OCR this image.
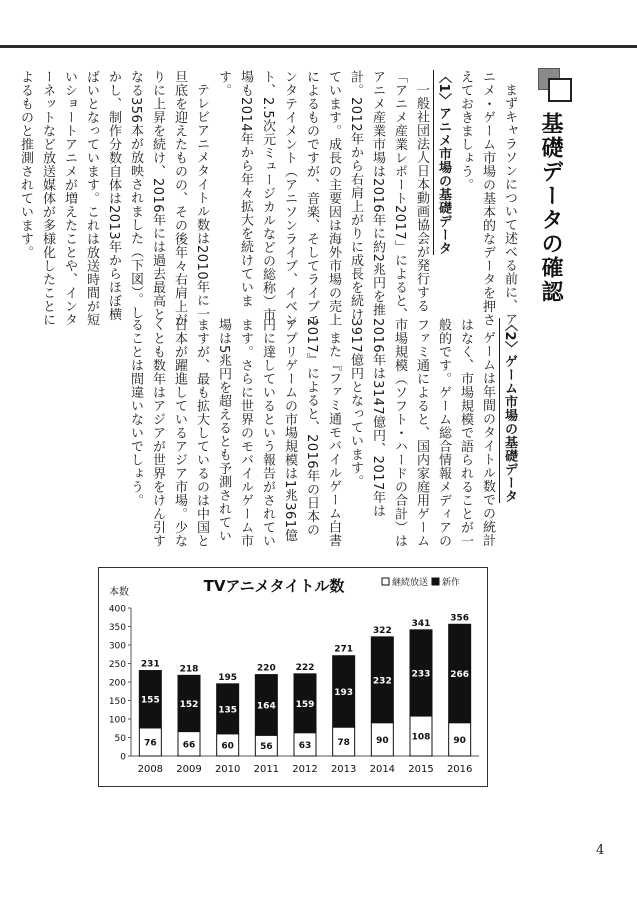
基礎データの確認

まずキャラソンについて述べる前に、アニメ・ゲーム市場の基本的なデータを押さえておきましょう。

〈1〉アニメ市場の基礎データ

一般社団法人日本動画協会が発行する「アニメ産業レポート2017」によると、アニメ産業市場は2016年に約2兆円を推計。2012年から右肩上がりに成長を続けています。成長の主要因は海外市場の売上によるものですが、音楽、そしてライブエンタテイメント（アニソンライブ、イベント、2.5次元ミュージカルなどの総称）市場も2014年から年々拡大を続けています。

テレビアニメタイトル数は2010年に一旦底を迎えたものの、その後年々右肩上がりに上昇を続け、2016年には過去最高となる356本が放映されました（下図）。しかし、制作分数自体は2013年からほぼ横ばいとなっています。これは放送時間が短いショートアニメが増えたことや、インターネットなど放送媒体が多様化したことによるものと推測されています。

〈2〉ゲーム市場の基礎データ

ゲームは年間のタイトル数での統計はなく、市場規模で語られることが一般的です。ゲーム総合情報メディアのファミ通によると、国内家庭用ゲーム市場規模（ソフト・ハードの合計）は2016年は3147億円、2017年は3917億円となっています。

また『ファミ通モバイルゲーム白書2017』によると、2016年の日本のアプリゲームの市場規模は1兆361億円に達しているという報告がされています。さらに世界のモバイルゲーム市場は5兆円を超えるとも予測されていますが、最も拡大しているのは中国と日本が躍進しているアジア市場。少なくとも数年はアジアが世界をけん引することは間違いないでしょう。

TVアニメタイトル数
本数
継続放送 新作
0
50
100
150
200
250
300
350
400
76
155
231
2008
66
152
218
2009
60
135
195
2010
56
164
220
2011
63
159
222
2012
78
193
271
2013
90
232
322
2014
108
233
341
2015
90
266
356
2016
4
